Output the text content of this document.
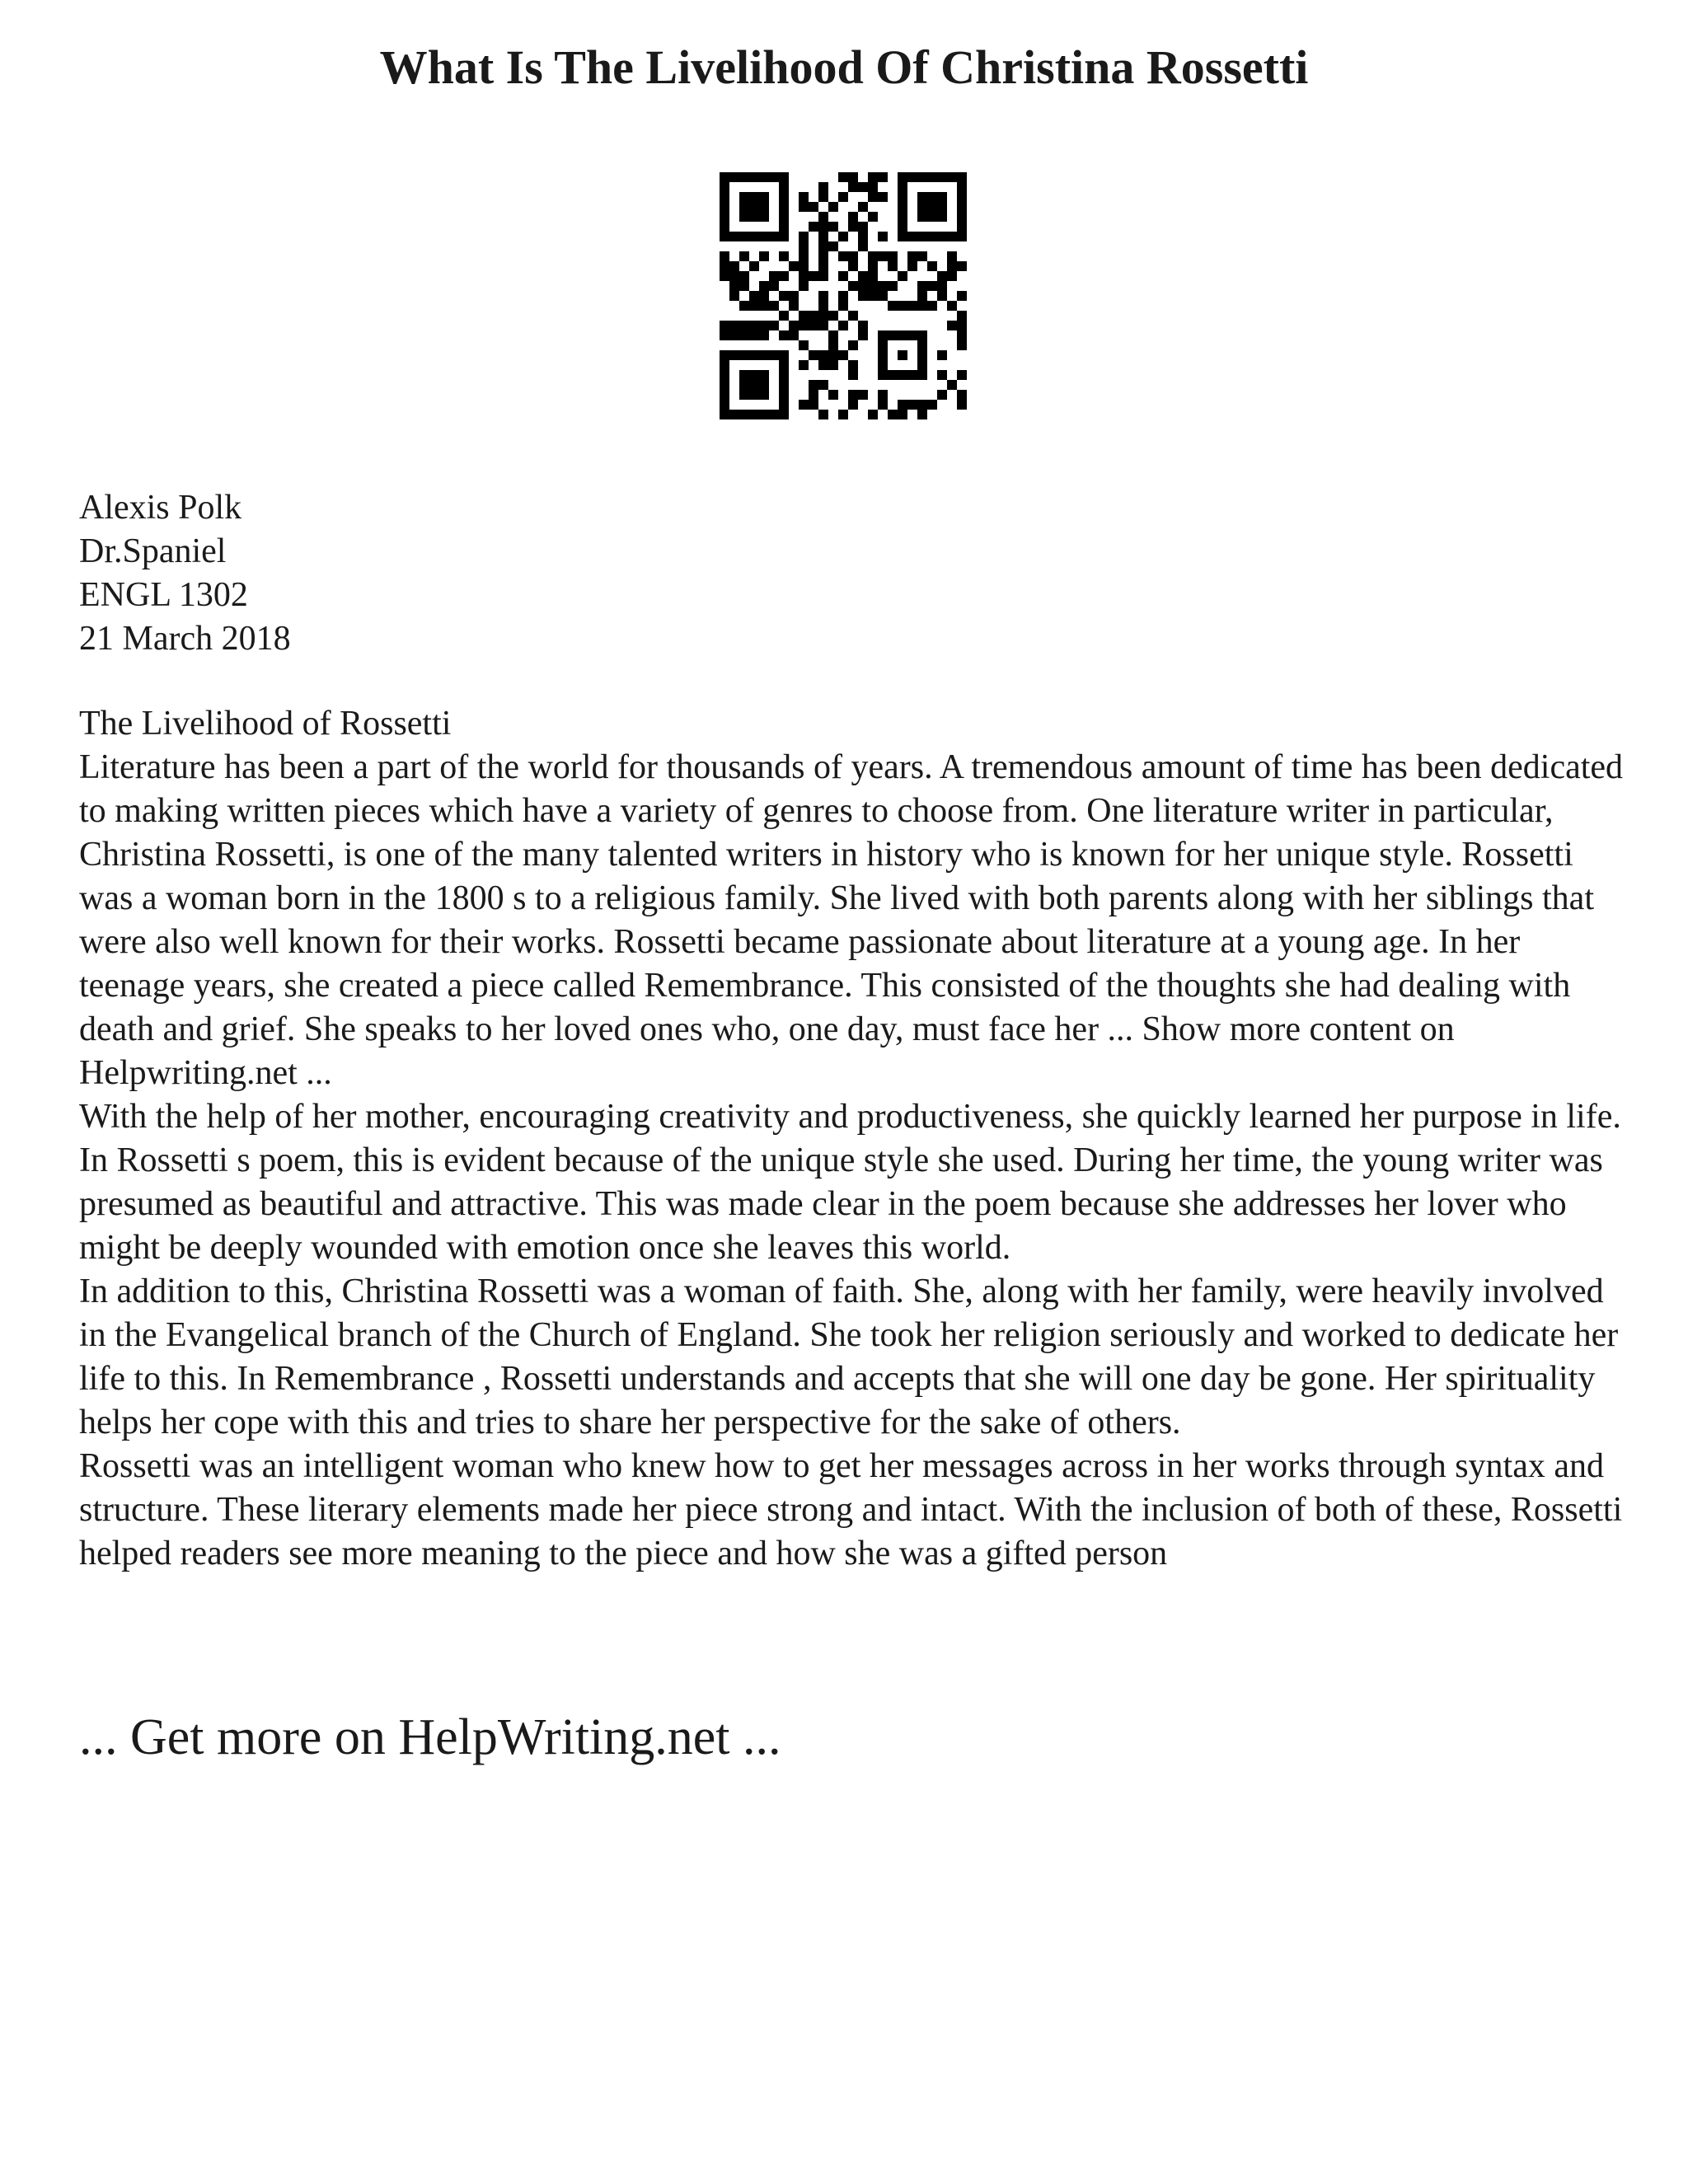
What Is The Livelihood Of Christina Rossetti
Alexis Polk
Dr.Spaniel
ENGL 1302
21 March 2018

The Livelihood of Rossetti

Literature has been a part of the world for thousands of years. A tremendous amount of time has been dedicated to making written pieces which have a variety of genres to choose from. One literature writer in particular, Christina Rossetti, is one of the many talented writers in history who is known for her unique style. Rossetti was a woman born in the 1800 s to a religious family. She lived with both parents along with her siblings that were also well known for their works. Rossetti became passionate about literature at a young age. In her teenage years, she created a piece called Remembrance. This consisted of the thoughts she had dealing with death and grief. She speaks to her loved ones who, one day, must face her ... Show more content on Helpwriting.net ...

With the help of her mother, encouraging creativity and productiveness, she quickly learned her purpose in life. In Rossetti s poem, this is evident because of the unique style she used. During her time, the young writer was presumed as beautiful and attractive. This was made clear in the poem because she addresses her lover who might be deeply wounded with emotion once she leaves this world.

In addition to this, Christina Rossetti was a woman of faith. She, along with her family, were heavily involved in the Evangelical branch of the Church of England. She took her religion seriously and worked to dedicate her life to this. In Remembrance , Rossetti understands and accepts that she will one day be gone. Her spirituality helps her cope with this and tries to share her perspective for the sake of others.

Rossetti was an intelligent woman who knew how to get her messages across in her works through syntax and structure. These literary elements made her piece strong and intact. With the inclusion of both of these, Rossetti helped readers see more meaning to the piece and how she was a gifted person

... Get more on HelpWriting.net ...
